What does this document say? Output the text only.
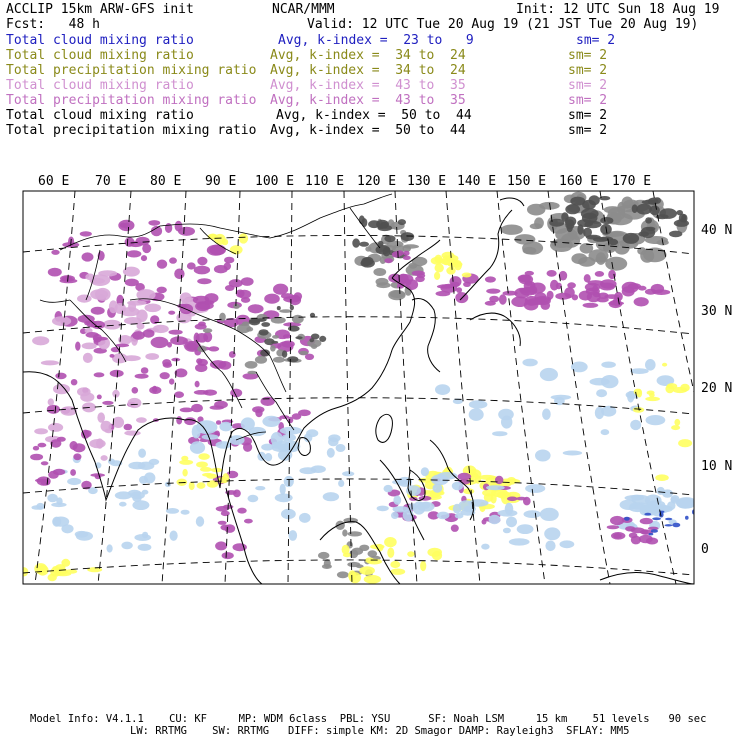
ACCLIP 15km ARW-GFS init	NCAR/MMM	Init: 12 UTC Sun 18 Aug 19
Fcst:   48 h	Valid: 12 UTC Tue 20 Aug 19 (21 JST Tue 20 Aug 19)
Total cloud mixing ratio	Avg, k-index =  23 to   9	sm= 2
Total cloud mixing ratio	Avg, k-index =  34 to  24	sm= 2
Total precipitation mixing ratio Avg, k-index =  34 to  24	sm= 2
Total cloud mixing ratio	Avg, k-index =  43 to  35	sm= 2
Total precipitation mixing ratio Avg, k-index =  43 to  35	sm= 2
Total cloud mixing ratio	Avg, k-index =  50 to  44	sm= 2
Total precipitation mixing ratio Avg, k-index =  50 to  44	sm= 2
60 E 70 E 80 E 90 E 100 E 110 E 120 E 130 E 140 E 150 E 160 E 170 E
40 N
30 N
20 N
10 N
0
Model Info: V4.1.1    CU: KF     MP: WDM 6class  PBL: YSU      SF: Noah LSM     15 km    51 levels   90 sec
LW: RRTMG    SW: RRTMG   DIFF: simple KM: 2D Smagor DAMP: Rayleigh3  SFLAY: MM5
